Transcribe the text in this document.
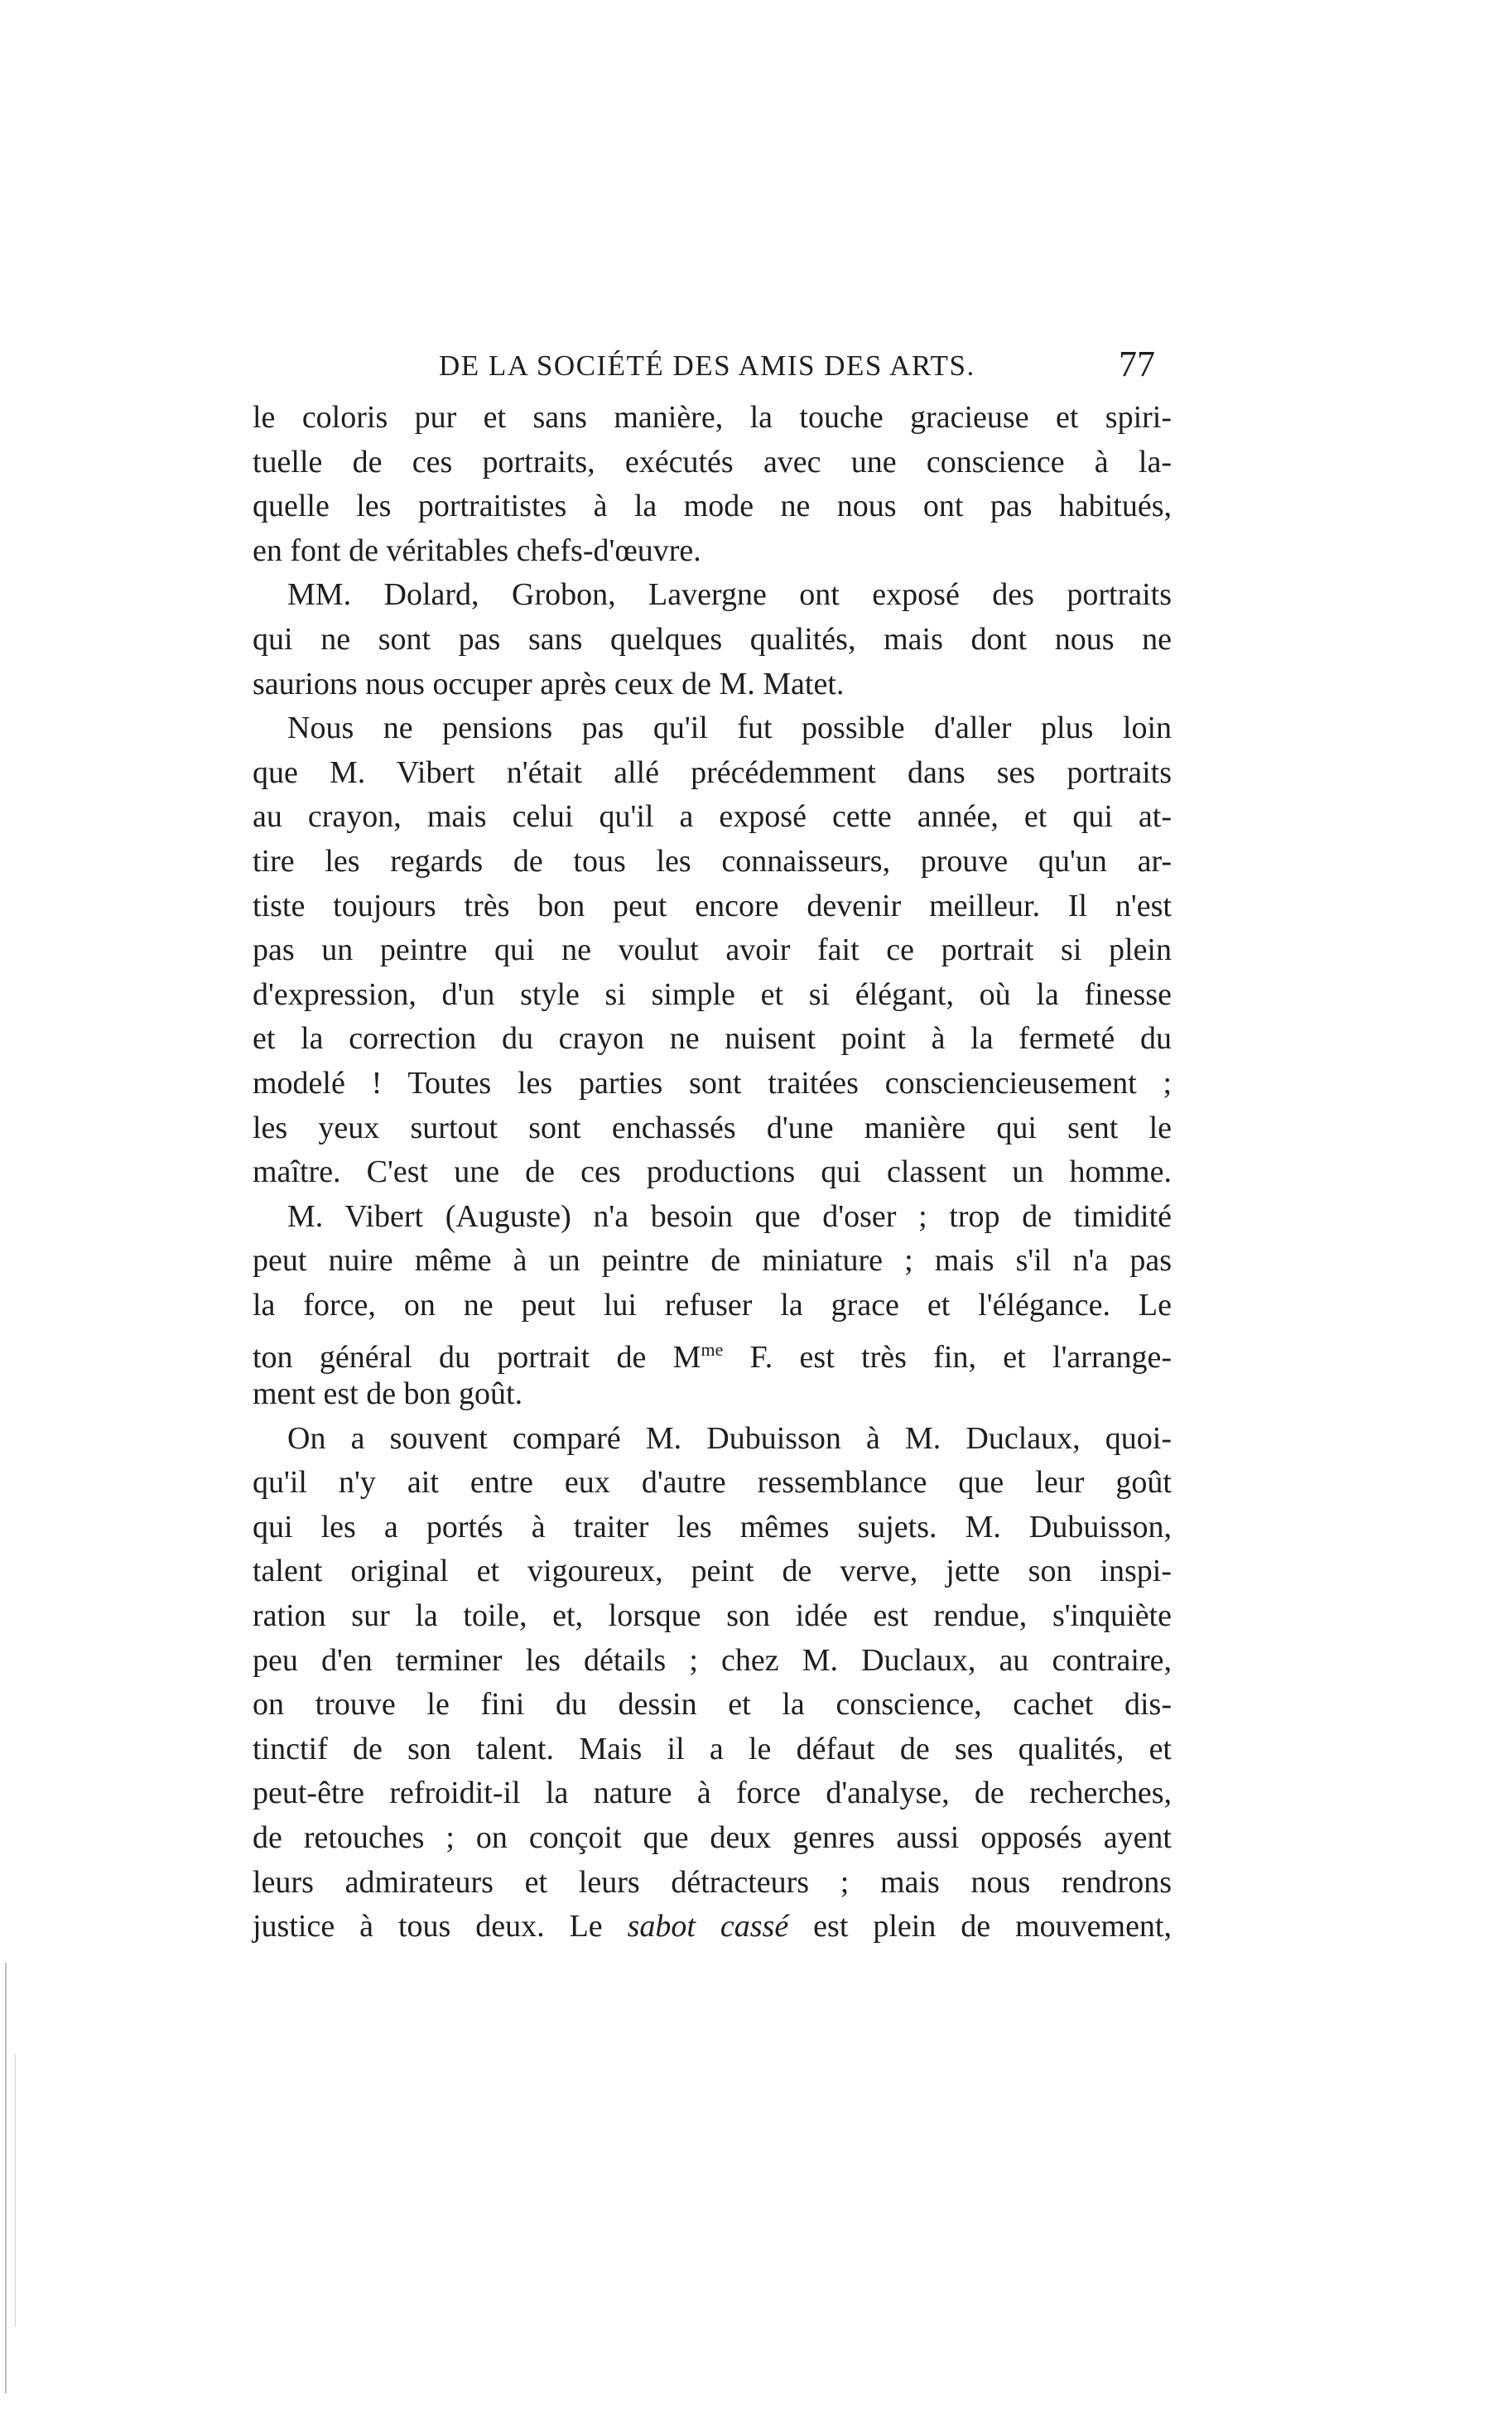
DE LA SOCIÉTÉ DES AMIS DES ARTS.	77
le coloris pur et sans manière, la touche gracieuse et spiri-
tuelle de ces portraits, exécutés avec une conscience à la-
quelle les portraitistes à la mode ne nous ont pas habitués,
en font de véritables chefs-d'œuvre.
MM. Dolard, Grobon, Lavergne ont exposé des portraits
qui ne sont pas sans quelques qualités, mais dont nous ne
saurions nous occuper après ceux de M. Matet.
Nous ne pensions pas qu'il fut possible d'aller plus loin
que M. Vibert n'était allé précédemment dans ses portraits
au crayon, mais celui qu'il a exposé cette année, et qui at-
tire les regards de tous les connaisseurs, prouve qu'un ar-
tiste toujours très bon peut encore devenir meilleur. Il n'est
pas un peintre qui ne voulut avoir fait ce portrait si plein
d'expression, d'un style si simple et si élégant, où la finesse
et la correction du crayon ne nuisent point à la fermeté du
modelé ! Toutes les parties sont traitées consciencieusement ;
les yeux surtout sont enchassés d'une manière qui sent le
maître. C'est une de ces productions qui classent un homme.
M. Vibert (Auguste) n'a besoin que d'oser ; trop de timidité
peut nuire même à un peintre de miniature ; mais s'il n'a pas
la force, on ne peut lui refuser la grace et l'élégance. Le
ton général du portrait de $M^{me}$ F. est très fin, et l'arrange-
ment est de bon goût.
On a souvent comparé M. Dubuisson à M. Duclaux, quoi-
qu'il n'y ait entre eux d'autre ressemblance que leur goût
qui les a portés à traiter les mêmes sujets. M. Dubuisson,
talent original et vigoureux, peint de verve, jette son inspi-
ration sur la toile, et, lorsque son idée est rendue, s'inquiète
peu d'en terminer les détails ; chez M. Duclaux, au contraire,
on trouve le fini du dessin et la conscience, cachet dis-
tinctif de son talent. Mais il a le défaut de ses qualités, et
peut-être refroidit-il la nature à force d'analyse, de recherches,
de retouches ; on conçoit que deux genres aussi opposés ayent
leurs admirateurs et leurs détracteurs ; mais nous rendrons
justice à tous deux. Le sabot cassé est plein de mouvement,
